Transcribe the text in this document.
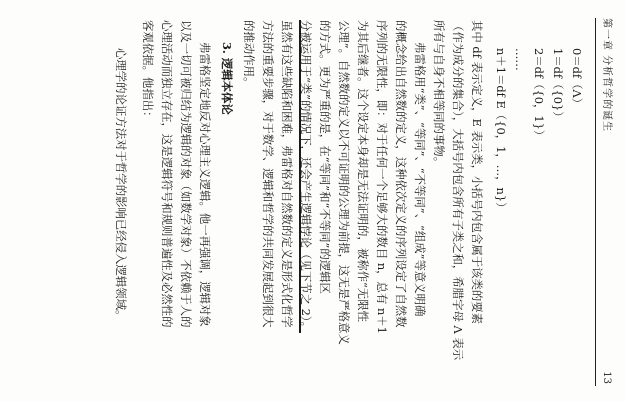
第一章 分析哲学的诞生
13
0＝df（Λ）
1＝df（{0}）
2＝df（{0，1}）
……
n＋1＝df E（{0，1，…，n}）
其中 df 表示定义，E 表示类，小括号内包含属于该类的要素
（作为成分的集合），大括号内包含所有子类之和，希腊字母 Λ 表示
所有与自身不相等同的事物。
弗雷格用“类”、“等同”、“不等同”、“组成”等意义明确
的概念给出自然数的定义，这种依次定义的序列设定了自然数
序列的无限性，即：对于任何一个足够大的数目 n，总有 n＋1
为其后继者。这个设定本身却是无法证明的，被称作“无限性
公理”。自然数的定义以不可证明的公理为前提，这无是严格意义
的方式。更为严重的是，在“等同”和“不等同”的逻辑区
分被运用于“类”的情况下，还会产生逻辑悖论（见下节之 2）。
虽然有这些缺陷和困难，弗雷格对自然数的定义是形式化哲学
方法的重要步骤，对于数学、逻辑和哲学的共同发展起到很大
的推动作用。
3. 逻辑本体论
弗雷格坚定地反对心理主义逻辑。他一再强调，逻辑对象
以及一切可被归结为逻辑的对象（如数学对象）不依赖于人的
心理活动而独立存在，这是逻辑符号和规则普遍性及必然性的
客观依据。他指出：
心理学的论证方法对于哲学的影响已经侵入逻辑领域。
